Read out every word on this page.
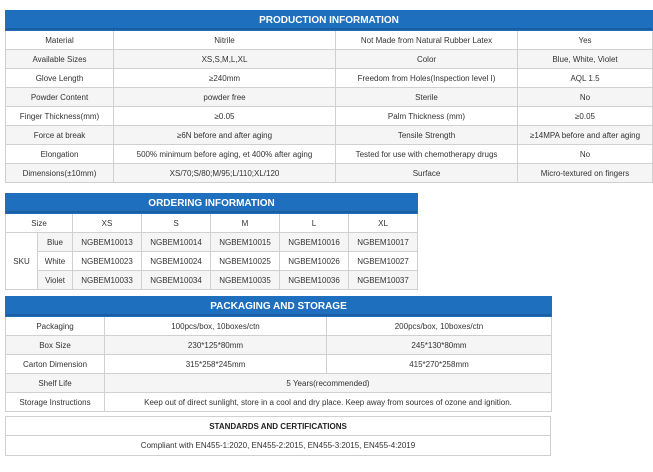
PRODUCTION INFORMATION			
Material	Nitrile	Not Made from Natural Rubber Latex	Yes
Available Sizes	XS,S,M,L,XL	Color	Blue, White, Violet
Glove Length	≥240mm	Freedom from Holes(Inspection level I)	AQL 1.5
Powder Content	powder free	Sterile	No
Finger Thickness(mm)	≥0.05	Palm Thickness (mm)	≥0.05
Force at break	≥6N before and after aging	Tensile Strength	≥14MPA before and after aging
Elongation	500% minimum before aging, et 400% after aging	Tested for use with chemotherapy drugs	No
Dimensions(±10mm)	XS/70;S/80;M/95;L/110;XL/120	Surface	Micro-textured on fingers
ORDERING INFORMATION						
Size		XS	S	M	L	XL
SKU	Blue	NGBEM10013	NGBEM10014	NGBEM10015	NGBEM10016	NGBEM10017
	White	NGBEM10023	NGBEM10024	NGBEM10025	NGBEM10026	NGBEM10027
	Violet	NGBEM10033	NGBEM10034	NGBEM10035	NGBEM10036	NGBEM10037
PACKAGING AND STORAGE		
Packaging	100pcs/box, 10boxes/ctn	200pcs/box, 10boxes/ctn
Box Size	230*125*80mm	245*130*80mm
Carton Dimension	315*258*245mm	415*270*258mm
Shelf Life	5 Years(recommended)	
Storage Instructions	Keep out of direct sunlight, store in a cool and dry place. Keep away from sources of ozone and ignition.	
STANDARDS AND CERTIFICATIONS
Compliant with EN455-1:2020, EN455-2:2015, EN455-3:2015, EN455-4:2019
